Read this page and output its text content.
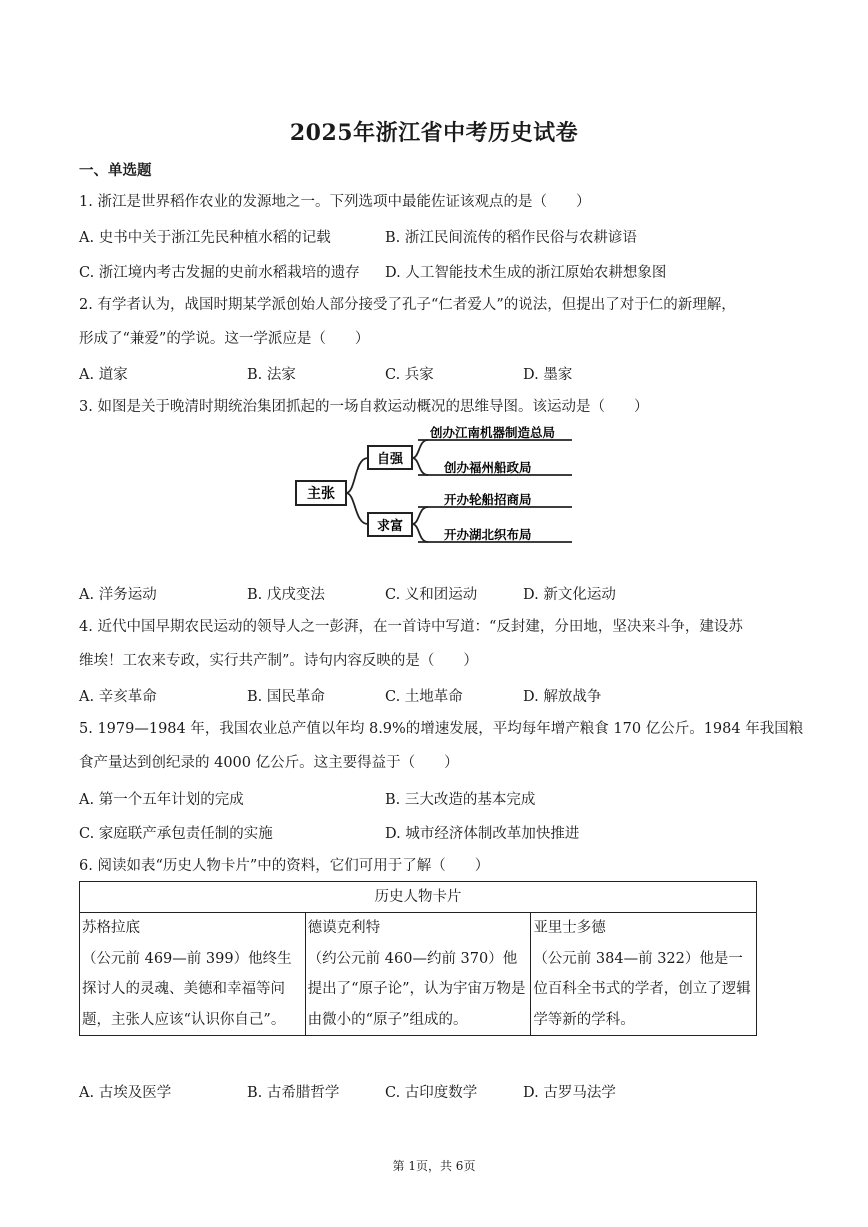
2025年浙江省中考历史试卷
一、单选题
1. 浙江是世界稻作农业的发源地之一。下列选项中最能佐证该观点的是（　　）
A. 史书中关于浙江先民种植水稻的记载	B. 浙江民间流传的稻作民俗与农耕谚语
C. 浙江境内考古发掘的史前水稻栽培的遗存 D. 人工智能技术生成的浙江原始农耕想象图
2. 有学者认为，战国时期某学派创始人部分接受了孔子“仁者爱人”的说法，但提出了对于仁的新理解，
形成了“兼爱”的学说。这一学派应是（　　）
A. 道家	B. 法家	C. 兵家	D. 墨家
3. 如图是关于晚清时期统治集团抓起的一场自救运动概况的思维导图。该运动是（　　）
主张
自强
创办江南机器制造总局
创办福州船政局
求富
开办轮船招商局
开办湖北织布局
A. 洋务运动	B. 戊戌变法	C. 义和团运动	D. 新文化运动
4. 近代中国早期农民运动的领导人之一彭湃，在一首诗中写道：“反封建，分田地，坚决来斗争，建设苏
维埃！工农来专政，实行共产制”。诗句内容反映的是（　　）
A. 辛亥革命	B. 国民革命	C. 土地革命	D. 解放战争
5. 1979—1984 年，我国农业总产值以年均 8.9%的增速发展，平均每年增产粮食 170 亿公斤。1984 年我国粮
食产量达到创纪录的 4000 亿公斤。这主要得益于（　　）
A. 第一个五年计划的完成	B. 三大改造的基本完成
C. 家庭联产承包责任制的实施	D. 城市经济体制改革加快推进
6. 阅读如表“历史人物卡片”中的资料，它们可用于了解（　　）
历史人物卡片

苏格拉底
（公元前 469—前 399）他终生探讨人的灵魂、美德和幸福等问题，主张人应该“认识你自己”。

德谟克利特
（约公元前 460—约前 370）他提出了“原子论”，认为宇宙万物是由微小的“原子”组成的。

亚里士多德
（公元前 384—前 322）他是一位百科全书式的学者，创立了逻辑学等新的学科。
A. 古埃及医学	B. 古希腊哲学	C. 古印度数学	D. 古罗马法学
第 1页，共 6页
